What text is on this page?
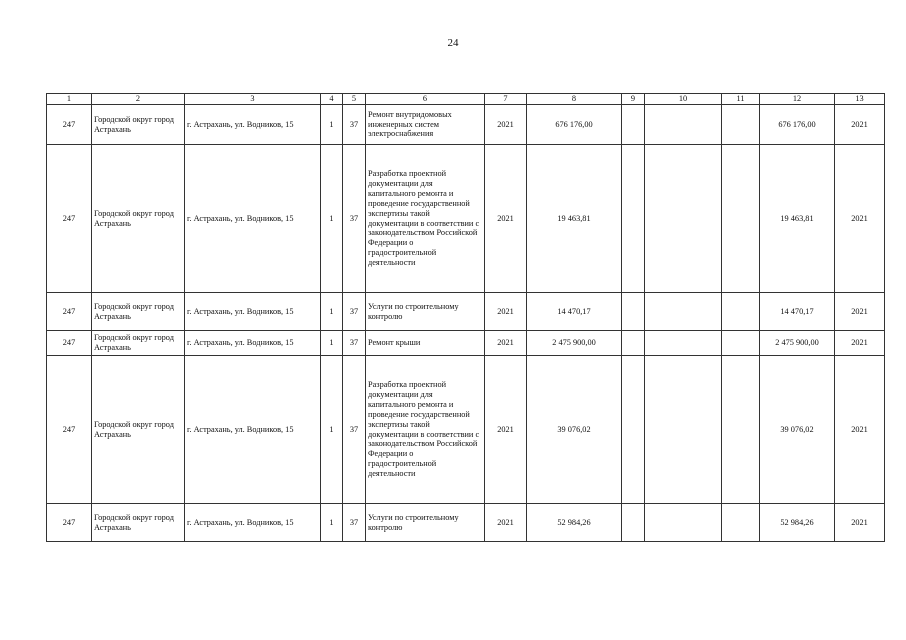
24
1	2	3	4	5	6	7	8	9	10	11	12	13
247	Городской округ город Астрахань	г. Астрахань, ул. Водников, 15	1	37	Ремонт внутридомовых инженерных систем электроснабжения	2021	676 176,00				676 176,00	2021
247	Городской округ город Астрахань	г. Астрахань, ул. Водников, 15	1	37	Разработка проектной документации для капитального ремонта и проведение государственной экспертизы такой документации в соответствии с законодательством Российской Федерации о градостроительной деятельности	2021	19 463,81				19 463,81	2021
247	Городской округ город Астрахань	г. Астрахань, ул. Водников, 15	1	37	Услуги по строительному контролю	2021	14 470,17				14 470,17	2021
247	Городской округ город Астрахань	г. Астрахань, ул. Водников, 15	1	37	Ремонт крыши	2021	2 475 900,00				2 475 900,00	2021
247	Городской округ город Астрахань	г. Астрахань, ул. Водников, 15	1	37	Разработка проектной документации для капитального ремонта и проведение государственной экспертизы такой документации в соответствии с законодательством Российской Федерации о градостроительной деятельности	2021	39 076,02				39 076,02	2021
247	Городской округ город Астрахань	г. Астрахань, ул. Водников, 15	1	37	Услуги по строительному контролю	2021	52 984,26				52 984,26	2021
